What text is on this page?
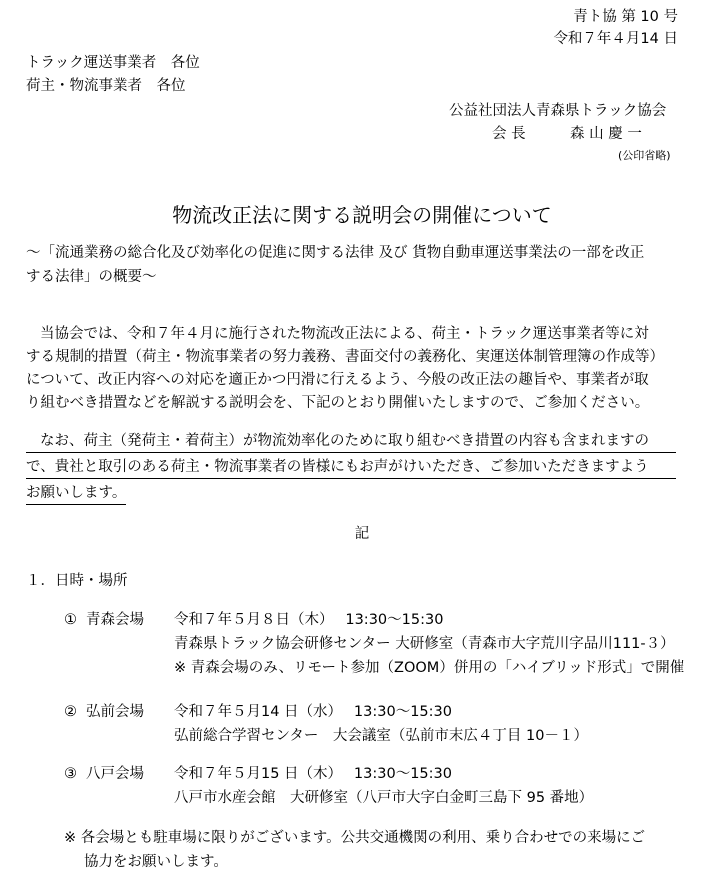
青ト協 第 10 号
令和７年４月14 日
トラック運送事業者　各位
荷主・物流事業者　各位
公益社団法人青森県トラック協会
会 長	森 山 慶 一
(公印省略)
物流改正法に関する説明会の開催について
～「流通業務の総合化及び効率化の促進に関する法律 及び 貨物自動車運送事業法の一部を改正
する法律」の概要～
当協会では、令和７年４月に施行された物流改正法による、荷主・トラック運送事業者等に対
する規制的措置（荷主・物流事業者の努力義務、書面交付の義務化、実運送体制管理簿の作成等）
について、改正内容への対応を適正かつ円滑に行えるよう、今般の改正法の趣旨や、事業者が取
り組むべき措置などを解説する説明会を、下記のとおり開催いたしますので、ご参加ください。
なお、荷主（発荷主・着荷主）が物流効率化のために取り組むべき措置の内容も含まれますの
で、貴社と取引のある荷主・物流事業者の皆様にもお声がけいただき、ご参加いただきますよう
お願いします。
記
１．日時・場所
① 青森会場 令和７年５月８日（木）　 13:30～15:30
青森県トラック協会研修センター 大研修室（青森市大字荒川字品川111-３）
※ 青森会場のみ、リモート参加（ZOOM）併用の「ハイブリッド形式」で開催
② 弘前会場 令和７年５月14 日（水）　 13:30～15:30
弘前総合学習センター　大会議室（弘前市末広４丁目 10－１）
③ 八戸会場 令和７年５月15 日（木）　 13:30～15:30
八戸市水産会館　大研修室（八戸市大字白金町三島下 95 番地）
※ 各会場とも駐車場に限りがございます。公共交通機関の利用、乗り合わせでの来場にご
協力をお願いします。
